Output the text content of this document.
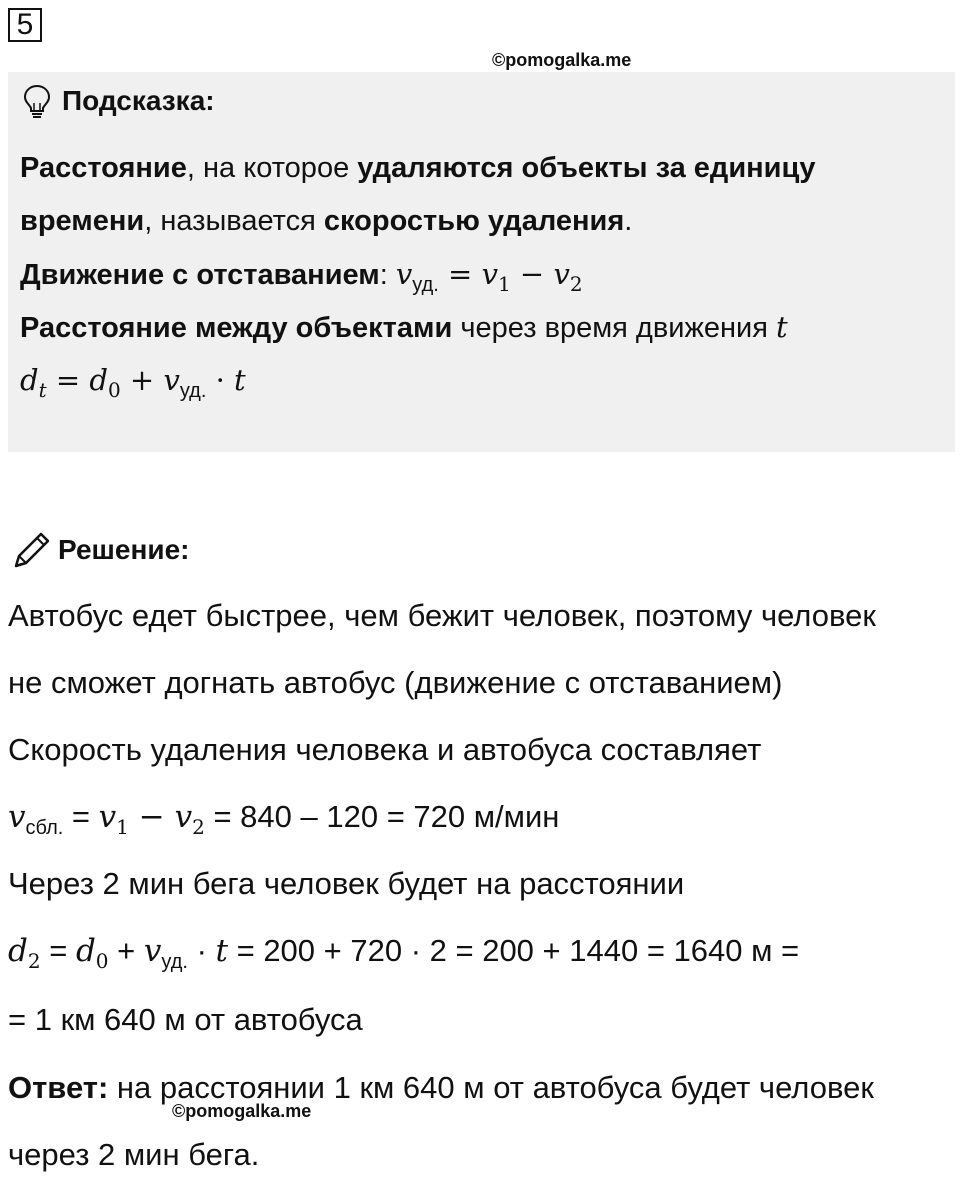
5
©pomogalka.me
Подсказка:
Расстояние, на которое удаляются объекты за единицу
времени, называется скоростью удаления.
Движение с отставанием: $v_{уд.} = v_1 - v_2$
Расстояние между объектами через время движения t
$d_t = d_0 + v_{уд.} \cdot t$
Решение:
Автобус едет быстрее, чем бежит человек, поэтому человек
не сможет догнать автобус (движение с отставанием)
Скорость удаления человека и автобуса составляет
$v_{сбл.} = v_1 - v_2 = 840 - 120 = 720$ м/мин
Через 2 мин бега человек будет на расстоянии
$d_2 = d_0 + v_{уд.} \cdot t = 200 + 720 \cdot 2 = 200 + 1440 = 1640$ м =
= 1 км 640 м от автобуса
Ответ: на расстоянии 1 км 640 м от автобуса будет человек
©pomogalka.me
через 2 мин бега.
